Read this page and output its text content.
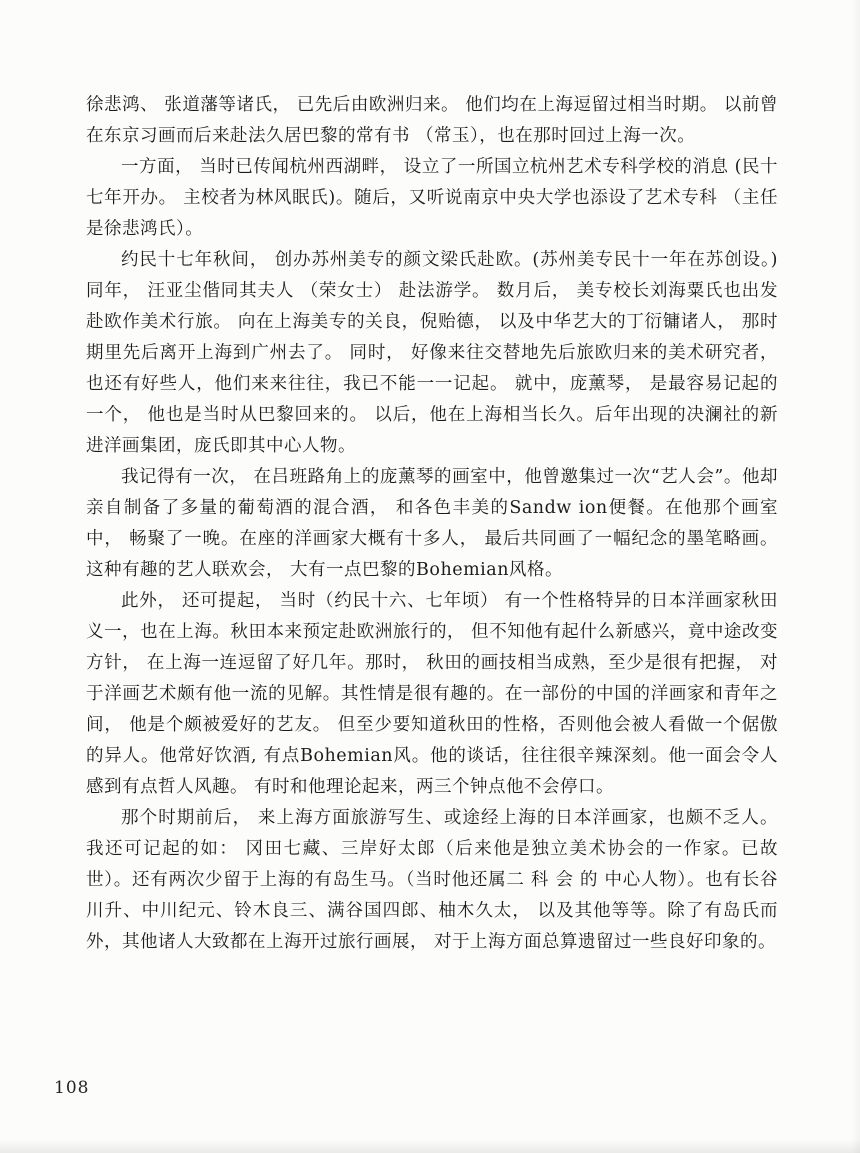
徐悲鸿、 张道藩等诸氏， 已先后由欧洲归来。 他们均在上海逗留过相当时期。 以前曾在东京习画而后来赴法久居巴黎的常有书 （常玉），也在那时回过上海一次。

一方面， 当时已传闻杭州西湖畔， 设立了一所国立杭州艺术专科学校的消息 (民十七年开办。 主校者为林风眠氏)。随后，又听说南京中央大学也添设了艺术专科 （主任是徐悲鸿氏）。

约民十七年秋间， 创办苏州美专的颜文梁氏赴欧。(苏州美专民十一年在苏创设。)同年， 汪亚尘偕同其夫人 （荣女士） 赴法游学。 数月后， 美专校长刘海粟氏也出发赴欧作美术行旅。 向在上海美专的关良，倪贻德， 以及中华艺大的丁衍镛诸人， 那时期里先后离开上海到广州去了。 同时， 好像来往交替地先后旅欧归来的美术研究者， 也还有好些人，他们来来往往，我已不能一一记起。 就中，庞薰琴， 是最容易记起的一个， 他也是当时从巴黎回来的。 以后，他在上海相当长久。后年出现的决澜社的新进洋画集团，庞氏即其中心人物。

我记得有一次， 在吕班路角上的庞薰琴的画室中，他曾邀集过一次“艺人会”。他却亲自制备了多量的葡萄酒的混合酒， 和各色丰美的Sandw ion便餐。在他那个画室中， 畅聚了一晚。在座的洋画家大概有十多人， 最后共同画了一幅纪念的墨笔略画。这种有趣的艺人联欢会， 大有一点巴黎的Bohemian风格。

此外， 还可提起， 当时（约民十六、七年顷） 有一个性格特异的日本洋画家秋田义一，也在上海。秋田本来预定赴欧洲旅行的， 但不知他有起什么新感兴，竟中途改变方针， 在上海一连逗留了好几年。那时， 秋田的画技相当成熟，至少是很有把握， 对于洋画艺术颇有他一流的见解。其性情是很有趣的。在一部份的中国的洋画家和青年之间， 他是个颇被爱好的艺友。 但至少要知道秋田的性格，否则他会被人看做一个倨傲的异人。他常好饮酒, 有点Bohemian风。他的谈话，往往很辛辣深刻。他一面会令人感到有点哲人风趣。 有时和他理论起来，两三个钟点他不会停口。

那个时期前后， 来上海方面旅游写生、或途经上海的日本洋画家，也颇不乏人。 我还可记起的如： 冈田七藏、三岸好太郎（后来他是独立美术协会的一作家。已故世）。还有两次少留于上海的有岛生马。（当时他还属二 科 会 的 中心人物）。也有长谷川升、中川纪元、铃木良三、满谷国四郎、柚木久太， 以及其他等等。除了有岛氏而外，其他诸人大致都在上海开过旅行画展， 对于上海方面总算遗留过一些良好印象的。

108
